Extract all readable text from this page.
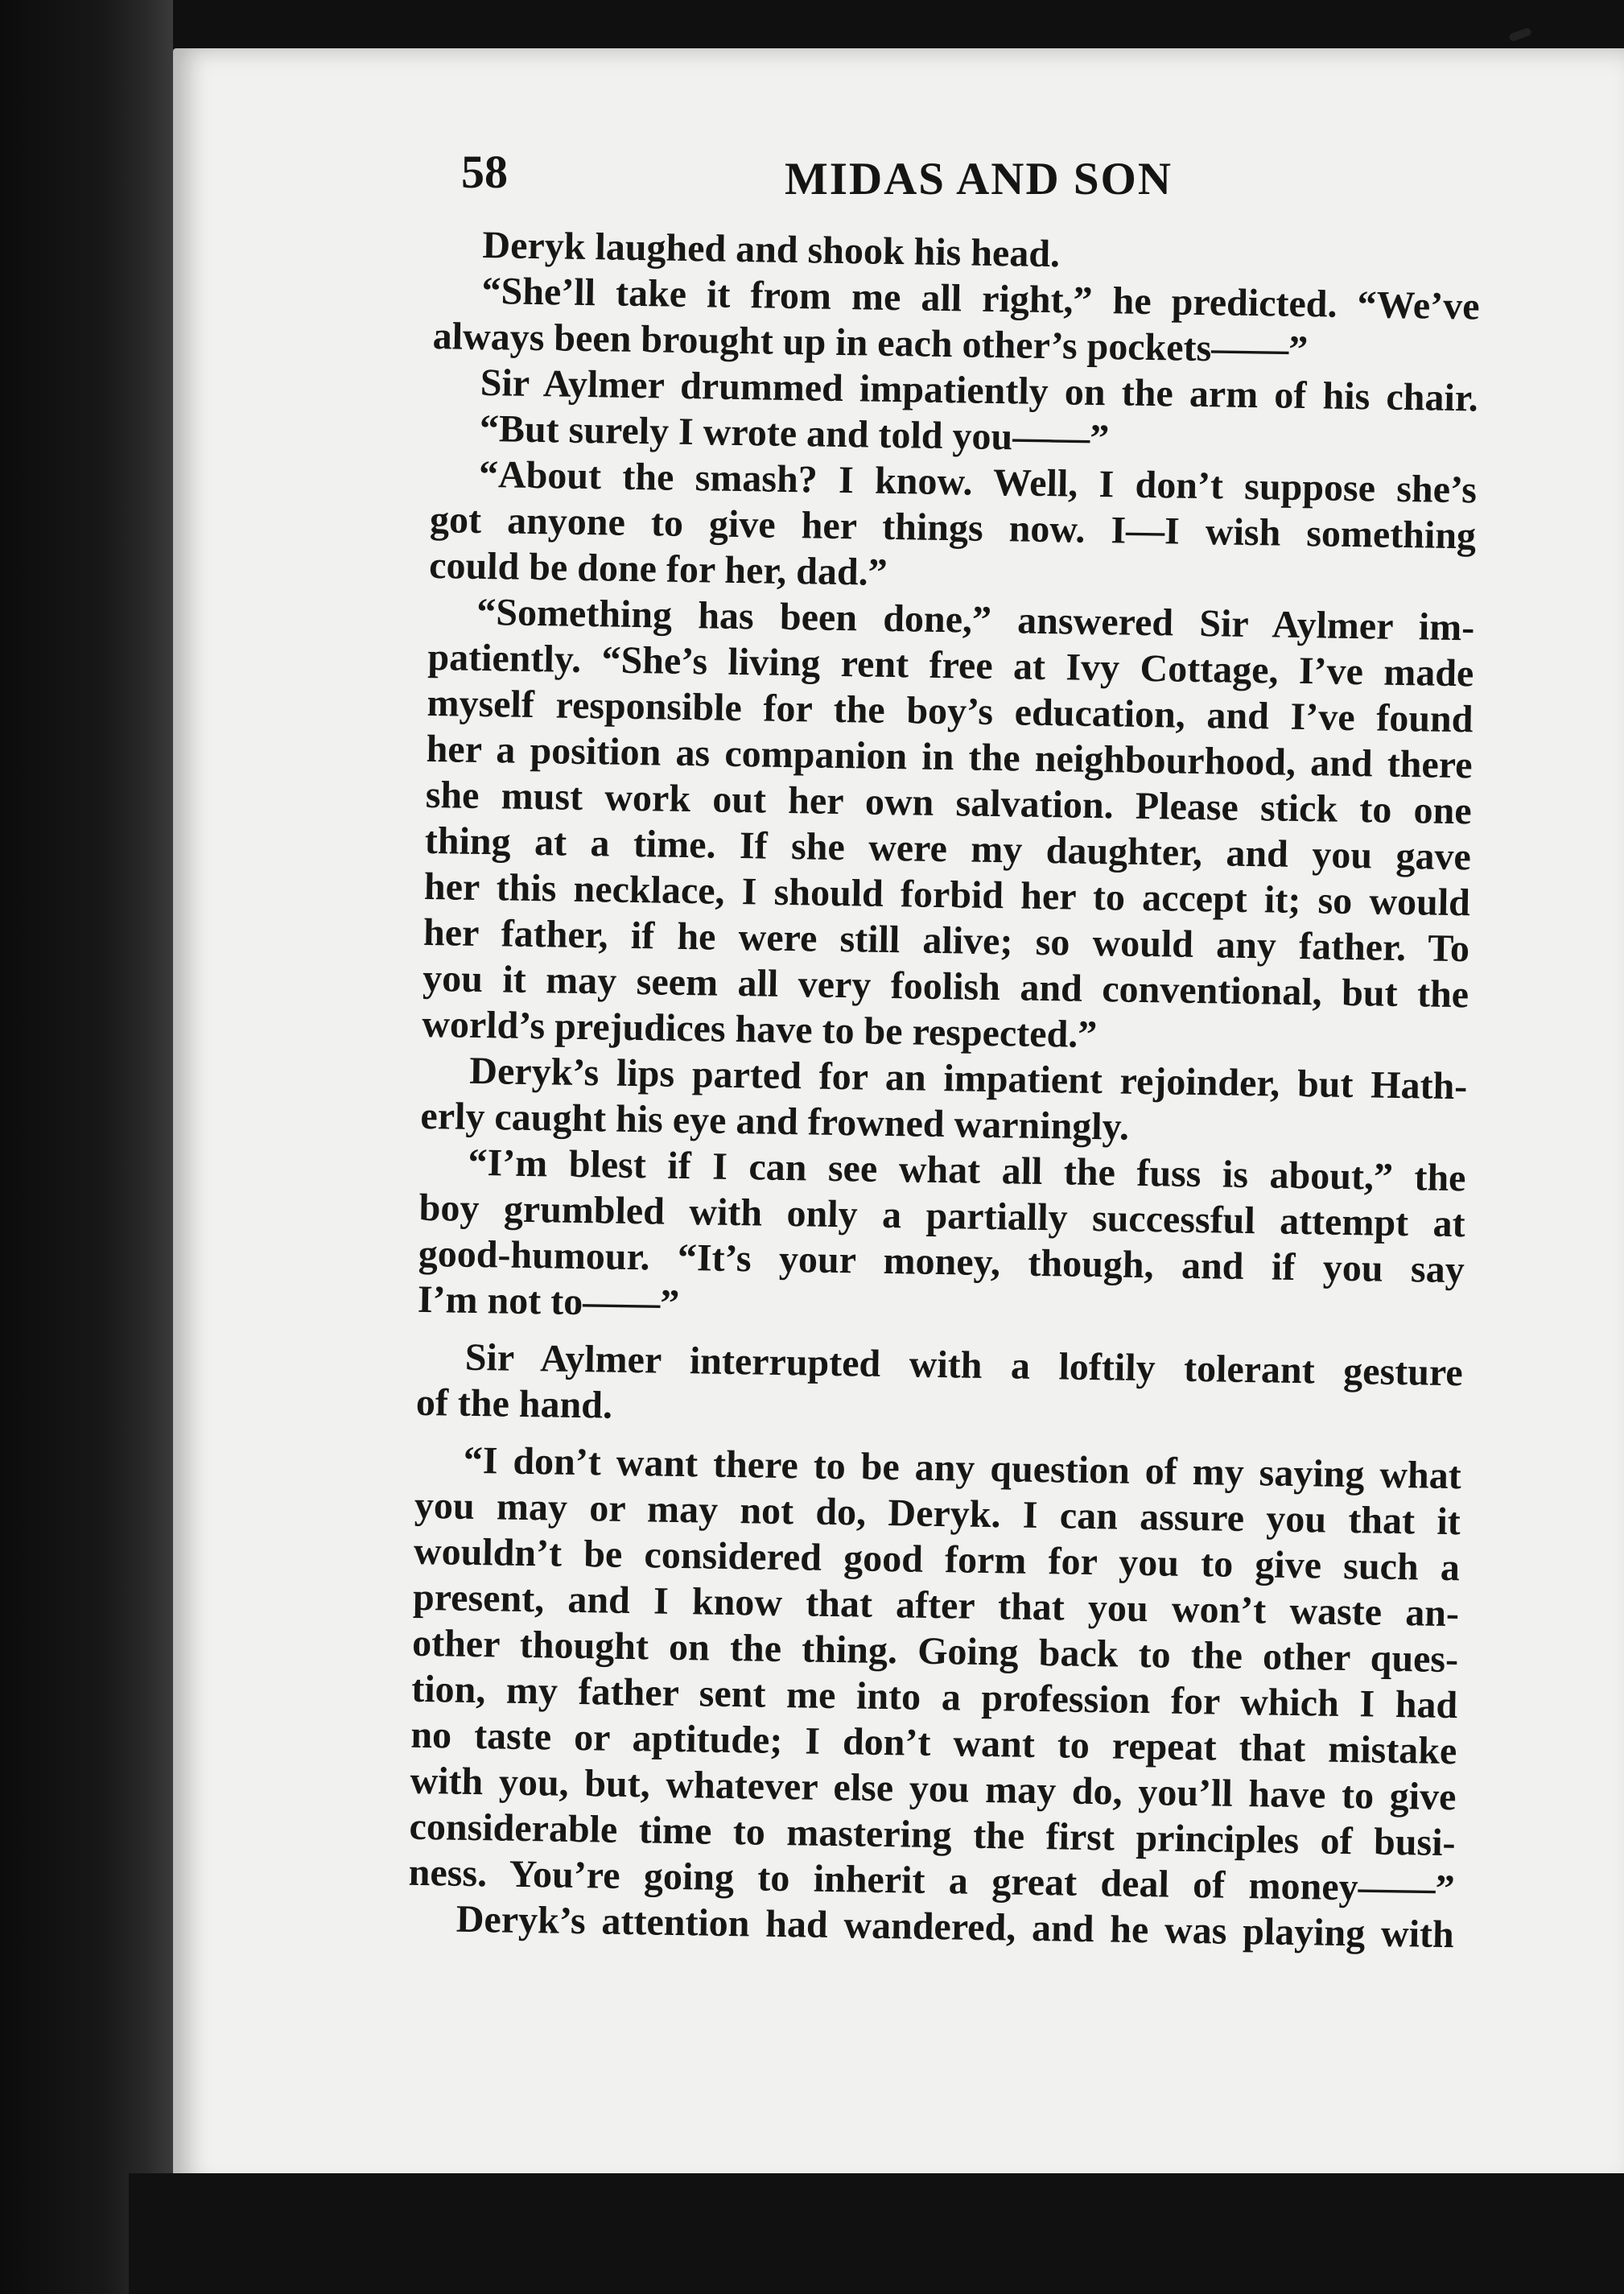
58	MIDAS AND SON
Deryk laughed and shook his head.
“She’ll take it from me all right,” he predicted. “We’ve
always been brought up in each other’s pockets——”
Sir Aylmer drummed impatiently on the arm of his chair.
“But surely I wrote and told you——”
“About the smash? I know. Well, I don’t suppose she’s
got anyone to give her things now. I—I wish something
could be done for her, dad.”
“Something has been done,” answered Sir Aylmer im-
patiently. “She’s living rent free at Ivy Cottage, I’ve made
myself responsible for the boy’s education, and I’ve found
her a position as companion in the neighbourhood, and there
she must work out her own salvation. Please stick to one
thing at a time. If she were my daughter, and you gave
her this necklace, I should forbid her to accept it; so would
her father, if he were still alive; so would any father. To
you it may seem all very foolish and conventional, but the
world’s prejudices have to be respected.”
Deryk’s lips parted for an impatient rejoinder, but Hath-
erly caught his eye and frowned warningly.
“I’m blest if I can see what all the fuss is about,” the
boy grumbled with only a partially successful attempt at
good-humour. “It’s your money, though, and if you say
I’m not to——”
Sir Aylmer interrupted with a loftily tolerant gesture
of the hand.
“I don’t want there to be any question of my saying what
you may or may not do, Deryk. I can assure you that it
wouldn’t be considered good form for you to give such a
present, and I know that after that you won’t waste an-
other thought on the thing. Going back to the other ques-
tion, my father sent me into a profession for which I had
no taste or aptitude; I don’t want to repeat that mistake
with you, but, whatever else you may do, you’ll have to give
considerable time to mastering the first principles of busi-
ness. You’re going to inherit a great deal of money——”
Deryk’s attention had wandered, and he was playing with
